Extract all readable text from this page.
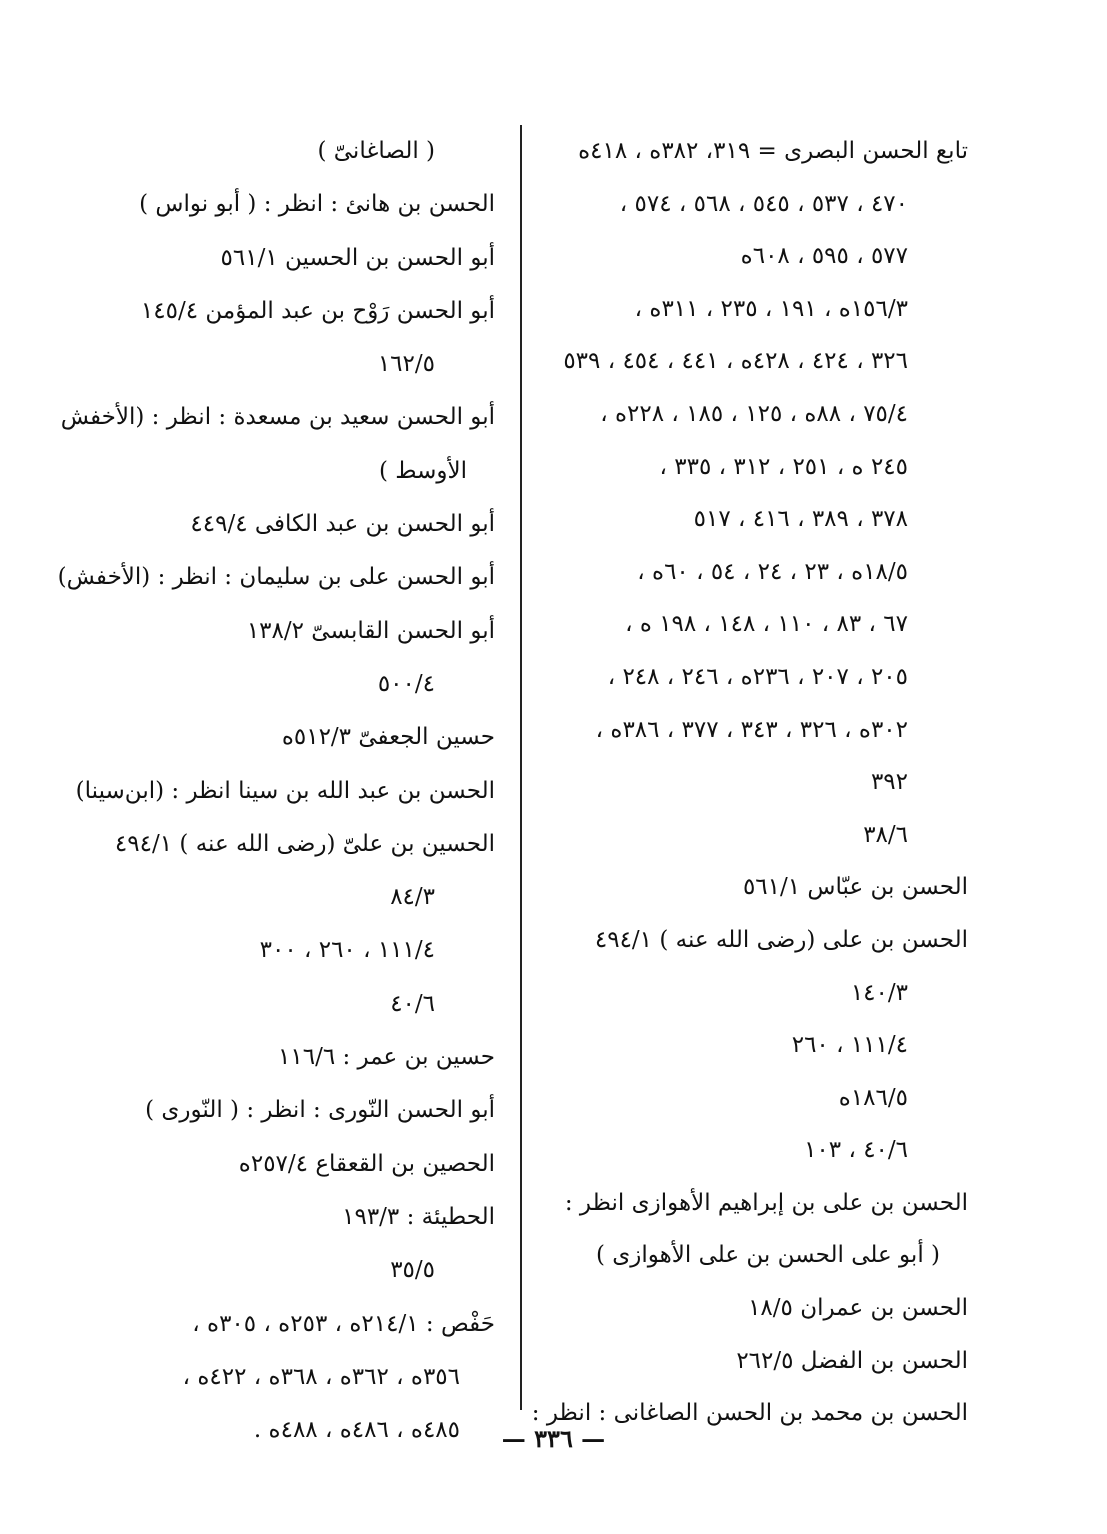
تابع الحسن البصرى = ٣١٩، ٣٨٢ه ، ٤١٨ه
٤٧٠ ، ٥٣٧ ، ٥٤٥ ، ٥٦٨ ، ٥٧٤ ،
٥٧٧ ، ٥٩٥ ، ٦٠٨ه
١٥٦/٣ه ، ١٩١ ، ٢٣٥ ، ٣١١ه ،
٣٢٦ ، ٤٢٤ ، ٤٢٨ه ، ٤٤١ ، ٤٥٤ ، ٥٣٩
٧٥/٤ ، ٨٨ه ، ١٢٥ ، ١٨٥ ، ٢٢٨ه ،
٢٤٥ ه ، ٢٥١ ، ٣١٢ ، ٣٣٥ ،
٣٧٨ ، ٣٨٩ ، ٤١٦ ، ٥١٧
١٨/٥ه ، ٢٣ ، ٢٤ ، ٥٤ ، ٦٠ه ،
٦٧ ، ٨٣ ، ١١٠ ، ١٤٨ ، ١٩٨ ه ،
٢٠٥ ، ٢٠٧ ، ٢٣٦ه ، ٢٤٦ ، ٢٤٨ ،
٣٠٢ه ، ٣٢٦ ، ٣٤٣ ، ٣٧٧ ، ٣٨٦ه ،
٣٩٢
٣٨/٦
الحسن بن عبّاس ٥٦١/١
الحسن بن على (رضى الله عنه ) ٤٩٤/١
١٤٠/٣
١١١/٤ ، ٢٦٠
١٨٦/٥ه
٤٠/٦ ، ١٠٣
الحسن بن على بن إبراهيم الأهوازى انظر :
( أبو على الحسن بن على الأهوازى )
الحسن بن عمران ١٨/٥
الحسن بن الفضل ٢٦٢/٥
الحسن بن محمد بن الحسن الصاغانى : انظر :
( الصاغانىّ )
الحسن بن هانئ : انظر : ( أبو نواس )
أبو الحسن بن الحسين ٥٦١/١
أبو الحسن رَوْح بن عبد المؤمن ١٤٥/٤
١٦٢/٥
أبو الحسن سعيد بن مسعدة : انظر : (الأخفش
الأوسط )
أبو الحسن بن عبد الكافى ٤٤٩/٤
أبو الحسن على بن سليمان : انظر : (الأخفش)
أبو الحسن القابسىّ ١٣٨/٢
٥٠٠/٤
حسين الجعفىّ ٥١٢/٣ه
الحسن بن عبد الله بن سينا انظر : (ابن‌سينا)
الحسين بن علىّ (رضى الله عنه ) ٤٩٤/١
٨٤/٣
١١١/٤ ، ٢٦٠ ، ٣٠٠
٤٠/٦
حسين بن عمر : ١١٦/٦
أبو الحسن النّورى : انظر : ( النّورى )
الحصين بن القعقاع ٢٥٧/٤ه
الحطيئة : ١٩٣/٣
٣٥/٥
حَفْص : ٢١٤/١ه ، ٢٥٣ه ، ٣٠٥ه ،
٣٥٦ه ، ٣٦٢ه ، ٣٦٨ه ، ٤٢٢ه ،
٤٨٥ه ، ٤٨٦ه ، ٤٨٨ه .	— ٣٣٦ —
